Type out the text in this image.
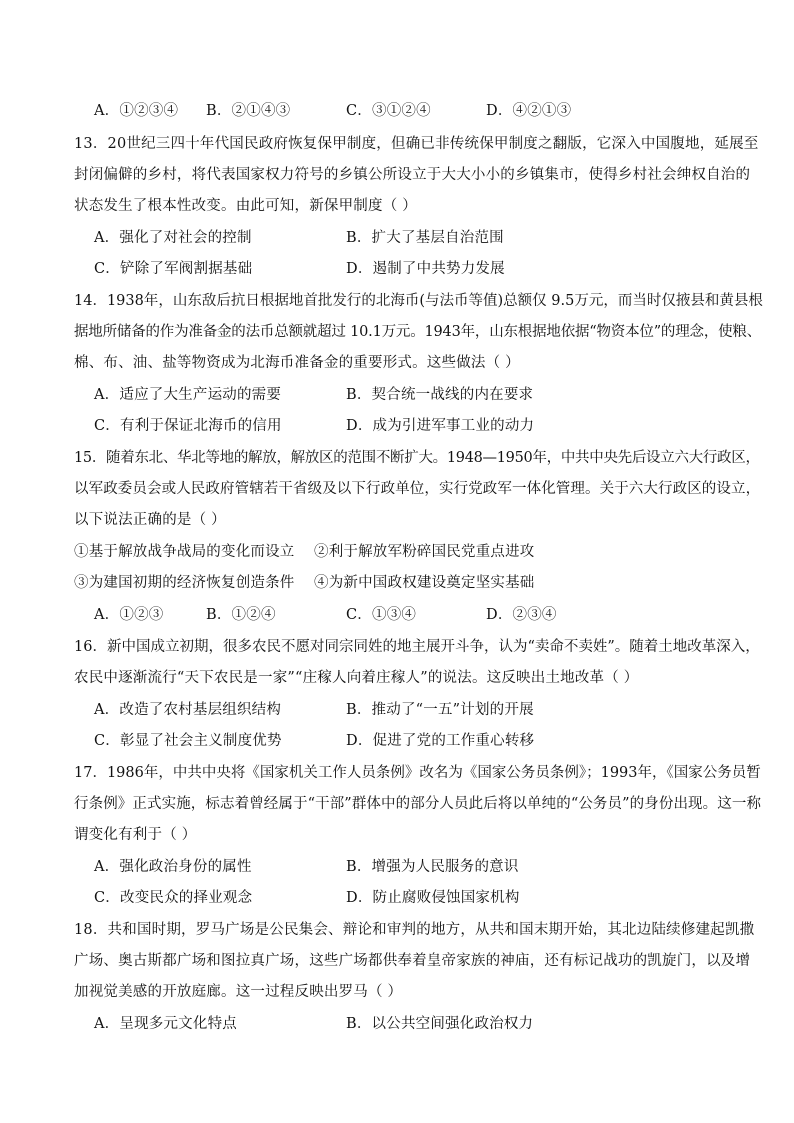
A．①②③④ B．②①④③	C．③①②④	D．④②①③
13．20世纪三四十年代国民政府恢复保甲制度，但确已非传统保甲制度之翻版，它深入中国腹地，延展至
封闭偏僻的乡村，将代表国家权力符号的乡镇公所设立于大大小小的乡镇集市，使得乡村社会绅权自治的
状态发生了根本性改变。由此可知，新保甲制度（ ）
A．强化了对社会的控制	B．扩大了基层自治范围
C．铲除了军阀割据基础	D．遏制了中共势力发展
14．1938年，山东敌后抗日根据地首批发行的北海币(与法币等值)总额仅 9.5万元，而当时仅掖县和黄县根
据地所储备的作为准备金的法币总额就超过 10.1万元。1943年，山东根据地依据“物资本位”的理念，使粮、
棉、布、油、盐等物资成为北海币准备金的重要形式。这些做法（ ）
A．适应了大生产运动的需要	B．契合统一战线的内在要求
C．有利于保证北海币的信用	D．成为引进军事工业的动力
15．随着东北、华北等地的解放，解放区的范围不断扩大。1948—1950年，中共中央先后设立六大行政区，
以军政委员会或人民政府管辖若干省级及以下行政单位，实行党政军一体化管理。关于六大行政区的设立，
以下说法正确的是（ ）
①基于解放战争战局的变化而设立 ②利于解放军粉碎国民党重点进攻
③为建国初期的经济恢复创造条件 ④为新中国政权建设奠定坚实基础
A．①②③	B．①②④	C．①③④	D．②③④
16．新中国成立初期，很多农民不愿对同宗同姓的地主展开斗争，认为“卖命不卖姓”。随着土地改革深入，
农民中逐渐流行“天下农民是一家”“庄稼人向着庄稼人”的说法。这反映出土地改革（ ）
A．改造了农村基层组织结构	B．推动了“一五”计划的开展
C．彰显了社会主义制度优势	D．促进了党的工作重心转移
17．1986年，中共中央将《国家机关工作人员条例》改名为《国家公务员条例》；1993年，《国家公务员暂
行条例》正式实施，标志着曾经属于“干部”群体中的部分人员此后将以单纯的“公务员”的身份出现。这一称
谓变化有利于（ ）
A．强化政治身份的属性	B．增强为人民服务的意识
C．改变民众的择业观念	D．防止腐败侵蚀国家机构
18．共和国时期，罗马广场是公民集会、辩论和审判的地方，从共和国末期开始，其北边陆续修建起凯撒
广场、奥古斯都广场和图拉真广场，这些广场都供奉着皇帝家族的神庙，还有标记战功的凯旋门，以及增
加视觉美感的开放庭廊。这一过程反映出罗马（ ）
A．呈现多元文化特点	B．以公共空间强化政治权力
